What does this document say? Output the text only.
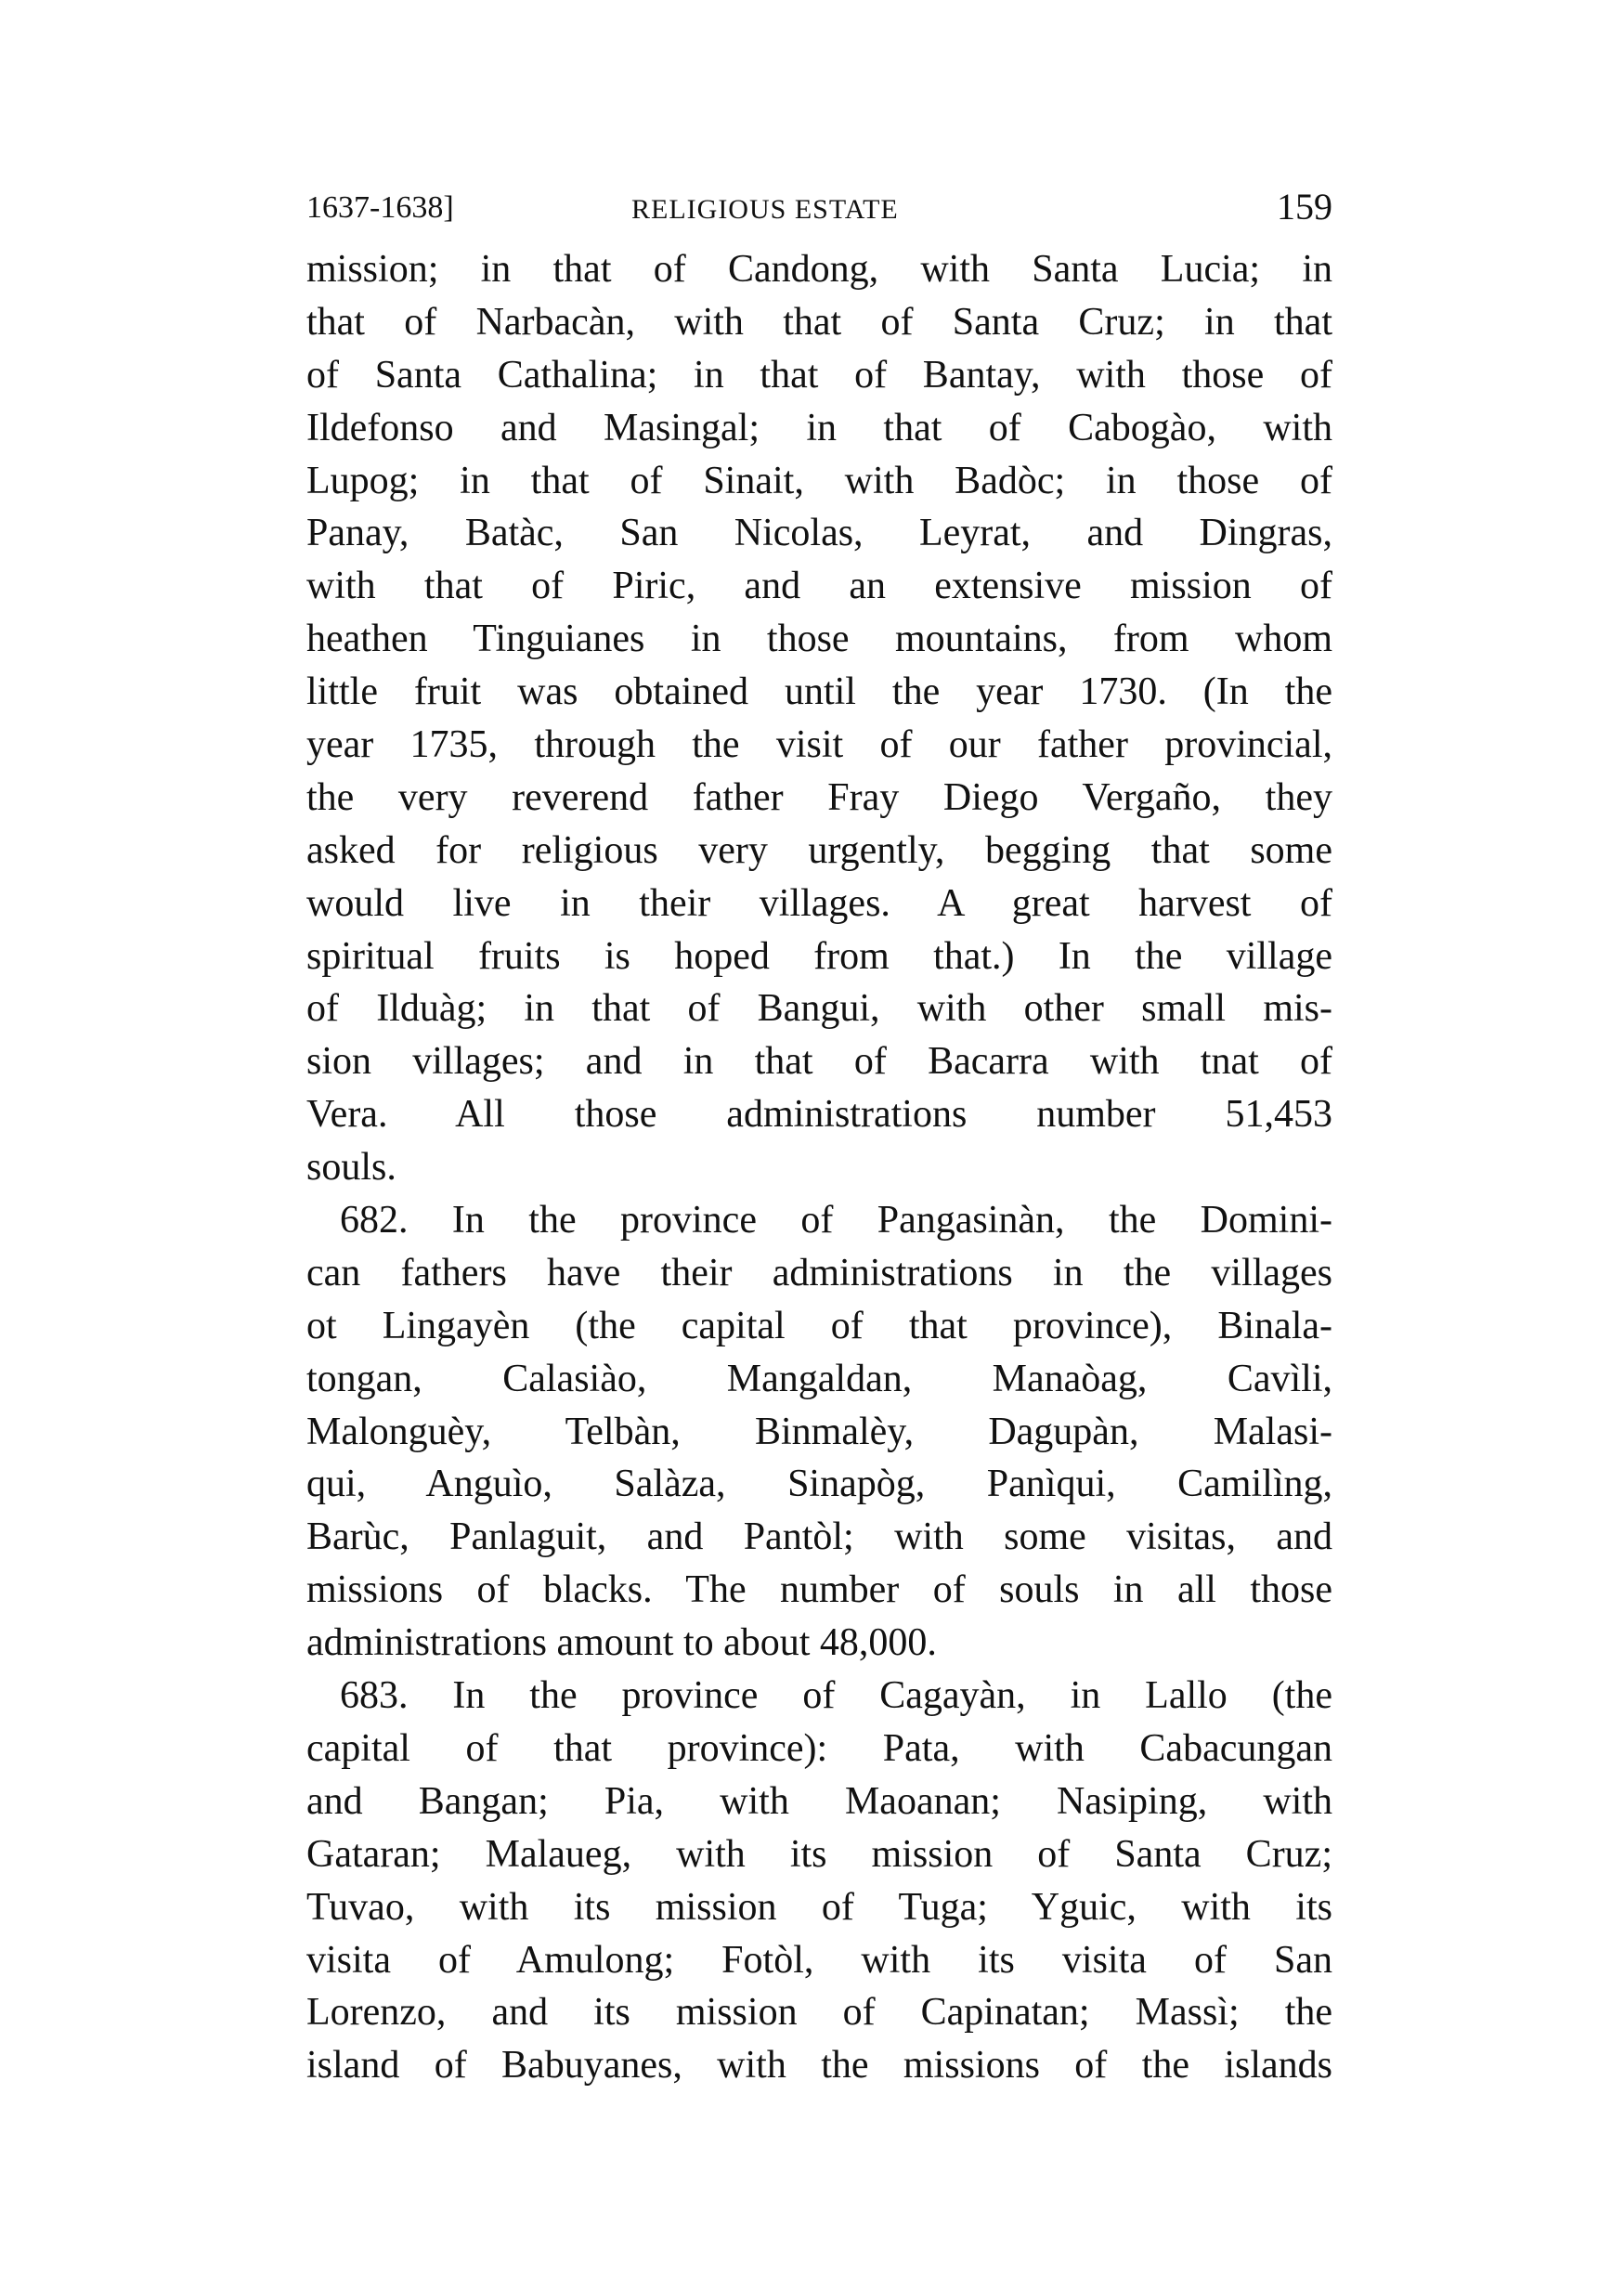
1637-1638]	RELIGIOUS ESTATE	159
mission; in that of Candong, with Santa Lucia; in
that of Narbacàn, with that of Santa Cruz; in that
of Santa Cathalina; in that of Bantay, with those of
Ildefonso and Masingal; in that of Cabogào, with
Lupog; in that of Sinait, with Badòc; in those of
Panay, Batàc, San Nicolas, Leyrat, and Dingras,
with that of Piric, and an extensive mission of
heathen Tinguianes in those mountains, from whom
little fruit was obtained until the year 1730. (In the
year 1735, through the visit of our father provincial,
the very reverend father Fray Diego Vergaño, they
asked for religious very urgently, begging that some
would live in their villages. A great harvest of
spiritual fruits is hoped from that.) In the village
of Ilduàg; in that of Bangui, with other small mis-
sion villages; and in that of Bacarra with tnat of
Vera. All those administrations number 51,453
souls.
682. In the province of Pangasinàn, the Domini-
can fathers have their administrations in the villages
ot Lingayèn (the capital of that province), Binala-
tongan, Calasiào, Mangaldan, Manaòag, Cavìli,
Malonguèy, Telbàn, Binmalèy, Dagupàn, Malasi-
qui, Anguìo, Salàza, Sinapòg, Panìqui, Camilìng,
Barùc, Panlaguit, and Pantòl; with some visitas, and
missions of blacks. The number of souls in all those
administrations amount to about 48,000.
683. In the province of Cagayàn, in Lallo (the
capital of that province): Pata, with Cabacungan
and Bangan; Pia, with Maoanan; Nasiping, with
Gataran; Malaueg, with its mission of Santa Cruz;
Tuvao, with its mission of Tuga; Yguic, with its
visita of Amulong; Fotòl, with its visita of San
Lorenzo, and its mission of Capinatan; Massì; the
island of Babuyanes, with the missions of the islands
